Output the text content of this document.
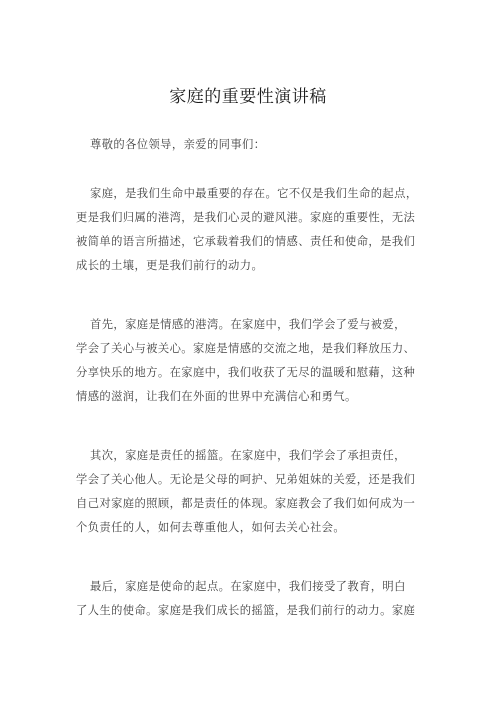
家庭的重要性演讲稿
尊敬的各位领导，亲爱的同事们：
家庭，是我们生命中最重要的存在。它不仅是我们生命的起点，
更是我们归属的港湾，是我们心灵的避风港。家庭的重要性，无法
被简单的语言所描述，它承载着我们的情感、责任和使命，是我们
成长的土壤，更是我们前行的动力。
首先，家庭是情感的港湾。在家庭中，我们学会了爱与被爱，
学会了关心与被关心。家庭是情感的交流之地，是我们释放压力、
分享快乐的地方。在家庭中，我们收获了无尽的温暖和慰藉，这种
情感的滋润，让我们在外面的世界中充满信心和勇气。
其次，家庭是责任的摇篮。在家庭中，我们学会了承担责任，
学会了关心他人。无论是父母的呵护、兄弟姐妹的关爱，还是我们
自己对家庭的照顾，都是责任的体现。家庭教会了我们如何成为一
个负责任的人，如何去尊重他人，如何去关心社会。
最后，家庭是使命的起点。在家庭中，我们接受了教育，明白
了人生的使命。家庭是我们成长的摇篮，是我们前行的动力。家庭
